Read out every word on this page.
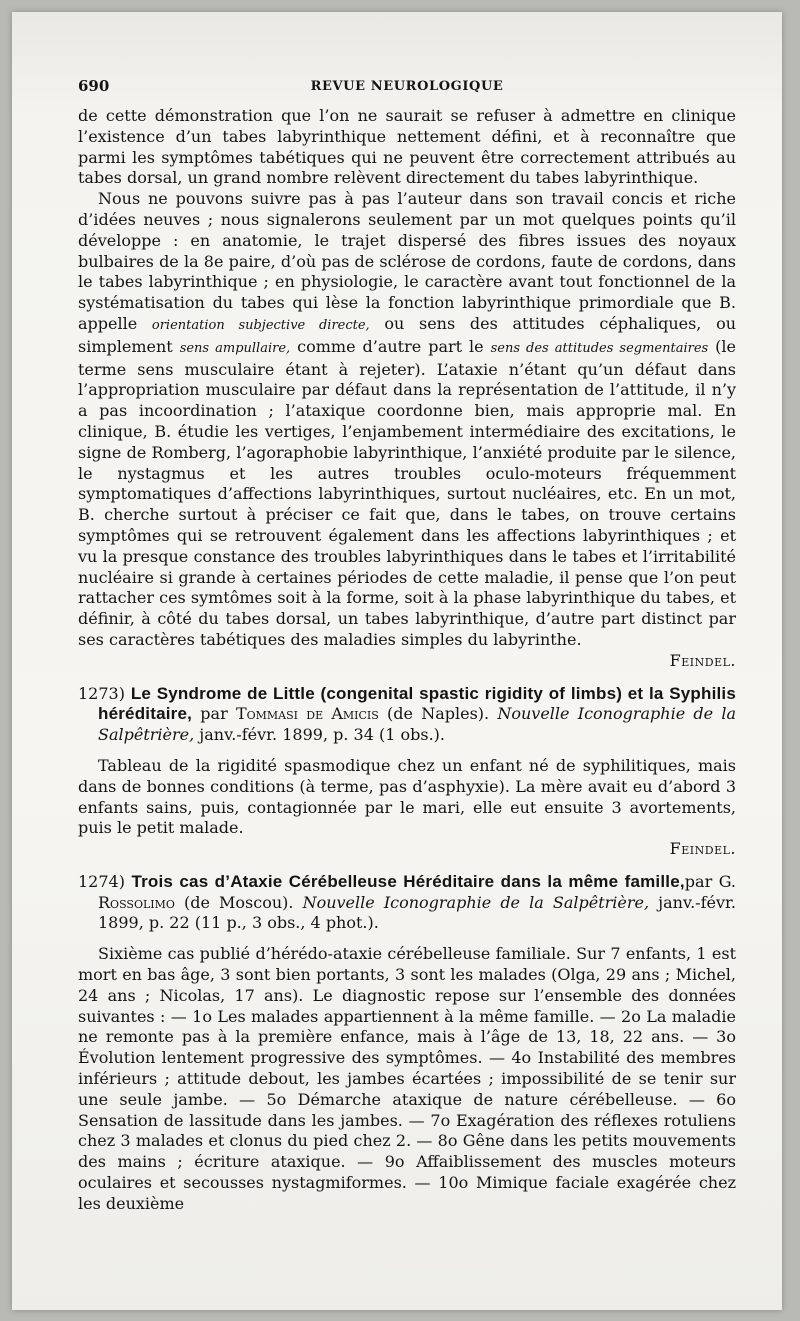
690	REVUE NEUROLOGIQUE

de cette démonstration que l’on ne saurait se refuser à admettre en clinique l’existence d’un tabes labyrinthique nettement défini, et à reconnaître que parmi les symptômes tabétiques qui ne peuvent être correctement attribués au tabes dorsal, un grand nombre relèvent directement du tabes labyrinthique.

Nous ne pouvons suivre pas à pas l’auteur dans son travail concis et riche d’idées neuves ; nous signalerons seulement par un mot quelques points qu’il développe : en anatomie, le trajet dispersé des fibres issues des noyaux bulbaires de la 8e paire, d’où pas de sclérose de cordons, faute de cordons, dans le tabes labyrinthique ; en physiologie, le caractère avant tout fonctionnel de la systématisation du tabes qui lèse la fonction labyrinthique primordiale que B. appelle orientation subjective directe, ou sens des attitudes céphaliques, ou simplement sens ampullaire, comme d’autre part le sens des attitudes segmentaires (le terme sens musculaire étant à rejeter). L’ataxie n’étant qu’un défaut dans l’appropriation musculaire par défaut dans la représentation de l’attitude, il n’y a pas incoordination ; l’ataxique coordonne bien, mais approprie mal. En clinique, B. étudie les vertiges, l’enjambement intermédiaire des excitations, le signe de Romberg, l’agoraphobie labyrinthique, l’anxiété produite par le silence, le nystagmus et les autres troubles oculo-moteurs fréquemment symptomatiques d’affections labyrinthiques, surtout nucléaires, etc. En un mot, B. cherche surtout à préciser ce fait que, dans le tabes, on trouve certains symptômes qui se retrouvent également dans les affections labyrinthiques ; et vu la presque constance des troubles labyrinthiques dans le tabes et l’irritabilité nucléaire si grande à certaines périodes de cette maladie, il pense que l’on peut rattacher ces symtômes soit à la forme, soit à la phase labyrinthique du tabes, et définir, à côté du tabes dorsal, un tabes labyrinthique, d’autre part distinct par ses caractères tabétiques des maladies simples du labyrinthe.
Feindel.

1273) Le Syndrome de Little (congenital spastic rigidity of limbs) et la Syphilis héréditaire, par Tommasi de Amicis (de Naples). Nouvelle Iconographie de la Salpêtrière, janv.-févr. 1899, p. 34 (1 obs.).

Tableau de la rigidité spasmodique chez un enfant né de syphilitiques, mais dans de bonnes conditions (à terme, pas d’asphyxie). La mère avait eu d’abord 3 enfants sains, puis, contagionnée par le mari, elle eut ensuite 3 avortements, puis le petit malade.
Feindel.

1274) Trois cas d’Ataxie Cérébelleuse Héréditaire dans la même famille,par G. Rossolimo (de Moscou). Nouvelle Iconographie de la Salpêtrière, janv.-févr. 1899, p. 22 (11 p., 3 obs., 4 phot.).

Sixième cas publié d’hérédo-ataxie cérébelleuse familiale. Sur 7 enfants, 1 est mort en bas âge, 3 sont bien portants, 3 sont les malades (Olga, 29 ans ; Michel, 24 ans ; Nicolas, 17 ans). Le diagnostic repose sur l’ensemble des données suivantes : — 1o Les malades appartiennent à la même famille. — 2o La maladie ne remonte pas à la première enfance, mais à l’âge de 13, 18, 22 ans. — 3o Évolution lentement progressive des symptômes. — 4o Instabilité des membres inférieurs ; attitude debout, les jambes écartées ; impossibilité de se tenir sur une seule jambe. — 5o Démarche ataxique de nature cérébelleuse. — 6o Sensation de lassitude dans les jambes. — 7o Exagération des réflexes rotuliens chez 3 malades et clonus du pied chez 2. — 8o Gêne dans les petits mouvements des mains ; écriture ataxique. — 9o Affaiblissement des muscles moteurs oculaires et secousses nystagmiformes. — 10o Mimique faciale exagérée chez les deuxième
